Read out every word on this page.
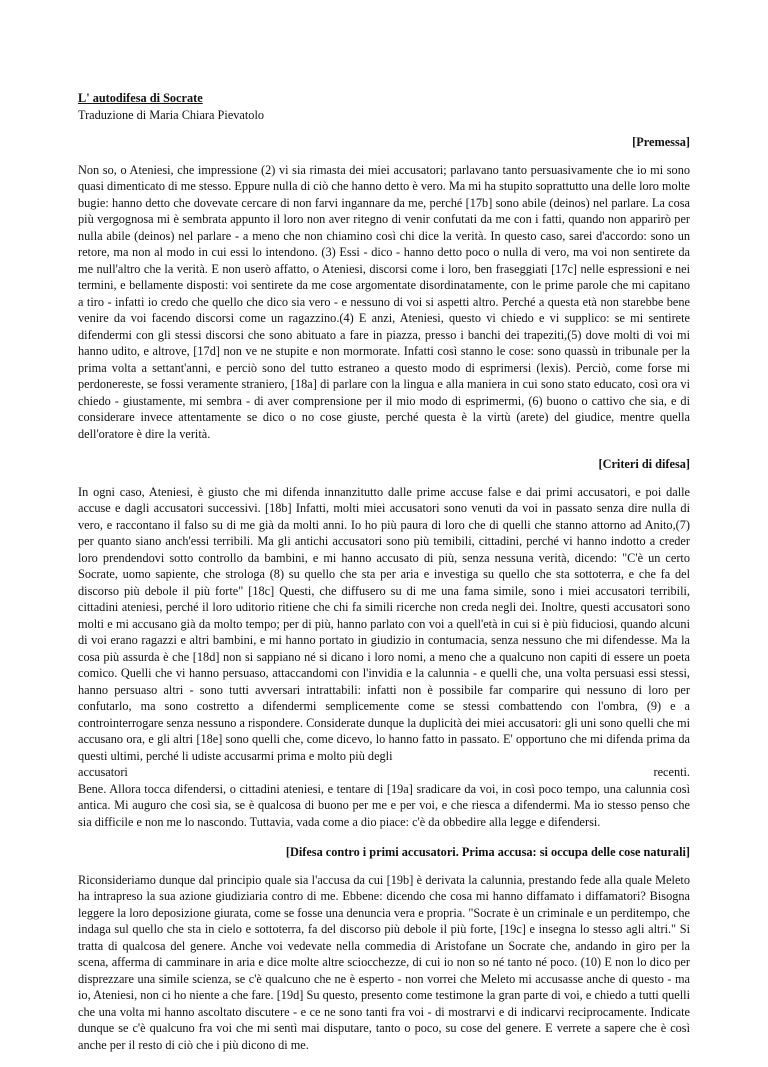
L' autodifesa di Socrate
Traduzione di Maria Chiara Pievatolo
[Premessa]

Non so, o Ateniesi, che impressione (2) vi sia rimasta dei miei accusatori; parlavano tanto persuasivamente che io mi sono quasi dimenticato di me stesso. Eppure nulla di ciò che hanno detto è vero. Ma mi ha stupito soprattutto una delle loro molte bugie: hanno detto che dovevate cercare di non farvi ingannare da me, perché [17b] sono abile (deinos) nel parlare. La cosa più vergognosa mi è sembrata appunto il loro non aver ritegno di venir confutati da me con i fatti, quando non apparirò per nulla abile (deinos) nel parlare - a meno che non chiamino così chi dice la verità. In questo caso, sarei d'accordo: sono un retore, ma non al modo in cui essi lo intendono. (3) Essi - dico - hanno detto poco o nulla di vero, ma voi non sentirete da me null'altro che la verità. E non userò affatto, o Ateniesi, discorsi come i loro, ben fraseggiati [17c] nelle espressioni e nei termini, e bellamente disposti: voi sentirete da me cose argomentate disordinatamente, con le prime parole che mi capitano a tiro - infatti io credo che quello che dico sia vero - e nessuno di voi si aspetti altro. Perché a questa età non starebbe bene venire da voi facendo discorsi come un ragazzino.(4) E anzi, Ateniesi, questo vi chiedo e vi supplico: se mi sentirete difendermi con gli stessi discorsi che sono abituato a fare in piazza, presso i banchi dei trapeziti,(5) dove molti di voi mi hanno udito, e altrove, [17d] non ve ne stupite e non mormorate. Infatti così stanno le cose: sono quassù in tribunale per la prima volta a settant'anni, e perciò sono del tutto estraneo a questo modo di esprimersi (lexis). Perciò, come forse mi perdonereste, se fossi veramente straniero, [18a] di parlare con la lingua e alla maniera in cui sono stato educato, così ora vi chiedo - giustamente, mi sembra - di aver comprensione per il mio modo di esprimermi, (6) buono o cattivo che sia, e di considerare invece attentamente se dico o no cose giuste, perché questa è la virtù (arete) del giudice, mentre quella dell'oratore è dire la verità.

[Criteri di difesa]

In ogni caso, Ateniesi, è giusto che mi difenda innanzitutto dalle prime accuse false e dai primi accusatori, e poi dalle accuse e dagli accusatori successivi. [18b] Infatti, molti miei accusatori sono venuti da voi in passato senza dire nulla di vero, e raccontano il falso su di me già da molti anni. Io ho più paura di loro che di quelli che stanno attorno ad Anito,(7) per quanto siano anch'essi terribili. Ma gli antichi accusatori sono più temibili, cittadini, perché vi hanno indotto a creder loro prendendovi sotto controllo da bambini, e mi hanno accusato di più, senza nessuna verità, dicendo: "C'è un certo Socrate, uomo sapiente, che strologa (8) su quello che sta per aria e investiga su quello che sta sottoterra, e che fa del discorso più debole il più forte" [18c] Questi, che diffusero su di me una fama simile, sono i miei accusatori terribili, cittadini ateniesi, perché il loro uditorio ritiene che chi fa simili ricerche non creda negli dei. Inoltre, questi accusatori sono molti e mi accusano già da molto tempo; per di più, hanno parlato con voi a quell'età in cui si è più fiduciosi, quando alcuni di voi erano ragazzi e altri bambini, e mi hanno portato in giudizio in contumacia, senza nessuno che mi difendesse. Ma la cosa più assurda è che [18d] non si sappiano né si dicano i loro nomi, a meno che a qualcuno non capiti di essere un poeta comico. Quelli che vi hanno persuaso, attaccandomi con l'invidia e la calunnia - e quelli che, una volta persuasi essi stessi, hanno persuaso altri - sono tutti avversari intrattabili: infatti non è possibile far comparire qui nessuno di loro per confutarlo, ma sono costretto a difendermi semplicemente come se stessi combattendo con l'ombra, (9) e a controinterrogare senza nessuno a rispondere. Considerate dunque la duplicità dei miei accusatori: gli uni sono quelli che mi accusano ora, e gli altri [18e] sono quelli che, come dicevo, lo hanno fatto in passato. E' opportuno che mi difenda prima da questi ultimi, perché li udiste accusarmi prima e molto più degli

accusatori	recenti.

Bene. Allora tocca difendersi, o cittadini ateniesi, e tentare di [19a] sradicare da voi, in così poco tempo, una calunnia così antica. Mi auguro che così sia, se è qualcosa di buono per me e per voi, e che riesca a difendermi. Ma io stesso penso che sia difficile e non me lo nascondo. Tuttavia, vada come a dio piace: c'è da obbedire alla legge e difendersi.

[Difesa contro i primi accusatori. Prima accusa: si occupa delle cose naturali]

Riconsideriamo dunque dal principio quale sia l'accusa da cui [19b] è derivata la calunnia, prestando fede alla quale Meleto ha intrapreso la sua azione giudiziaria contro di me. Ebbene: dicendo che cosa mi hanno diffamato i diffamatori? Bisogna leggere la loro deposizione giurata, come se fosse una denuncia vera e propria. "Socrate è un criminale e un perditempo, che indaga sul quello che sta in cielo e sottoterra, fa del discorso più debole il più forte, [19c] e insegna lo stesso agli altri." Si tratta di qualcosa del genere. Anche voi vedevate nella commedia di Aristofane un Socrate che, andando in giro per la scena, afferma di camminare in aria e dice molte altre sciocchezze, di cui io non so né tanto né poco. (10) E non lo dico per disprezzare una simile scienza, se c'è qualcuno che ne è esperto - non vorrei che Meleto mi accusasse anche di questo - ma io, Ateniesi, non ci ho niente a che fare. [19d] Su questo, presento come testimone la gran parte di voi, e chiedo a tutti quelli che una volta mi hanno ascoltato discutere - e ce ne sono tanti fra voi - di mostrarvi e di indicarvi reciprocamente. Indicate dunque se c'è qualcuno fra voi che mi sentì mai disputare, tanto o poco, su cose del genere. E verrete a sapere che è così anche per il resto di ciò che i più dicono di me.
